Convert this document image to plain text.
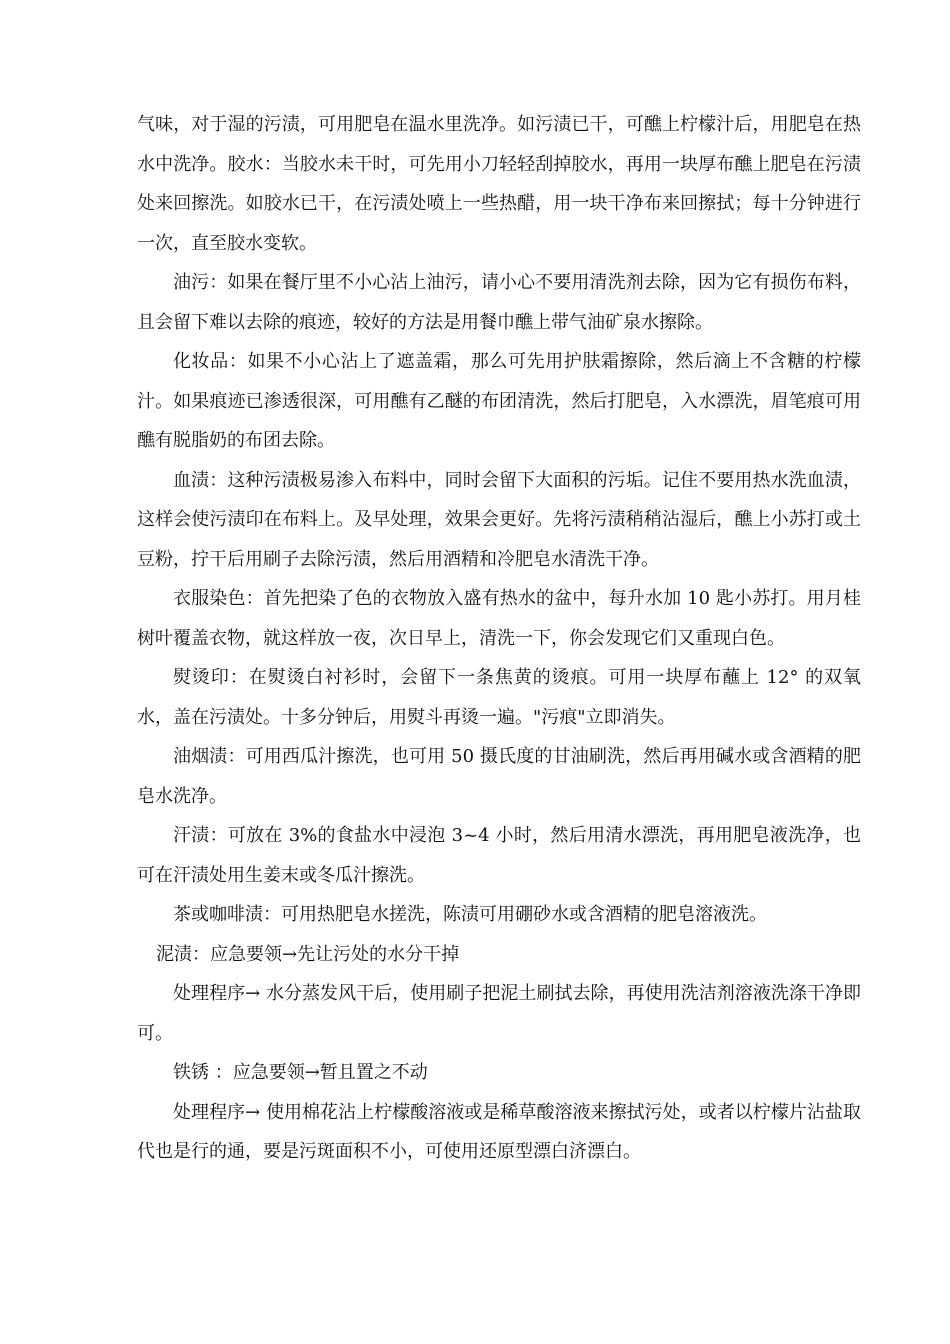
气味，对于湿的污渍，可用肥皂在温水里洗净。如污渍已干，可醮上柠檬汁后，用肥皂在热水中洗净。胶水：当胶水未干时，可先用小刀轻轻刮掉胶水，再用一块厚布醮上肥皂在污渍处来回擦洗。如胶水已干，在污渍处喷上一些热醋，用一块干净布来回擦拭；每十分钟进行一次，直至胶水变软。

油污：如果在餐厅里不小心沾上油污，请小心不要用清洗剂去除，因为它有损伤布料，且会留下难以去除的痕迹，较好的方法是用餐巾醮上带气油矿泉水擦除。

化妆品：如果不小心沾上了遮盖霜，那么可先用护肤霜擦除，然后滴上不含糖的柠檬汁。如果痕迹已渗透很深，可用醮有乙醚的布团清洗，然后打肥皂，入水漂洗，眉笔痕可用醮有脱脂奶的布团去除。

血渍：这种污渍极易渗入布料中，同时会留下大面积的污垢。记住不要用热水洗血渍，这样会使污渍印在布料上。及早处理，效果会更好。先将污渍稍稍沾湿后，醮上小苏打或土豆粉，拧干后用刷子去除污渍，然后用酒精和冷肥皂水清洗干净。

衣服染色：首先把染了色的衣物放入盛有热水的盆中，每升水加 10 匙小苏打。用月桂树叶覆盖衣物，就这样放一夜，次日早上，清洗一下，你会发现它们又重现白色。

熨烫印：在熨烫白衬衫时，会留下一条焦黄的烫痕。可用一块厚布蘸上 12° 的双氧水，盖在污渍处。十多分钟后，用熨斗再烫一遍。"污痕"立即消失。

油烟渍：可用西瓜汁擦洗，也可用 50 摄氏度的甘油刷洗，然后再用碱水或含酒精的肥皂水洗净。

汗渍：可放在 3%的食盐水中浸泡 3~4 小时，然后用清水漂洗，再用肥皂液洗净，也可在汗渍处用生姜末或冬瓜汁擦洗。

茶或咖啡渍：可用热肥皂水搓洗，陈渍可用硼砂水或含酒精的肥皂溶液洗。

泥渍：应急要领→先让污处的水分干掉

处理程序→ 水分蒸发风干后，使用刷子把泥土刷拭去除，再使用洗洁剂溶液洗涤干净即可。

铁锈 ：应急要领→暂且置之不动

处理程序→ 使用棉花沾上柠檬酸溶液或是稀草酸溶液来擦拭污处，或者以柠檬片沾盐取代也是行的通，要是污斑面积不小，可使用还原型漂白济漂白。
